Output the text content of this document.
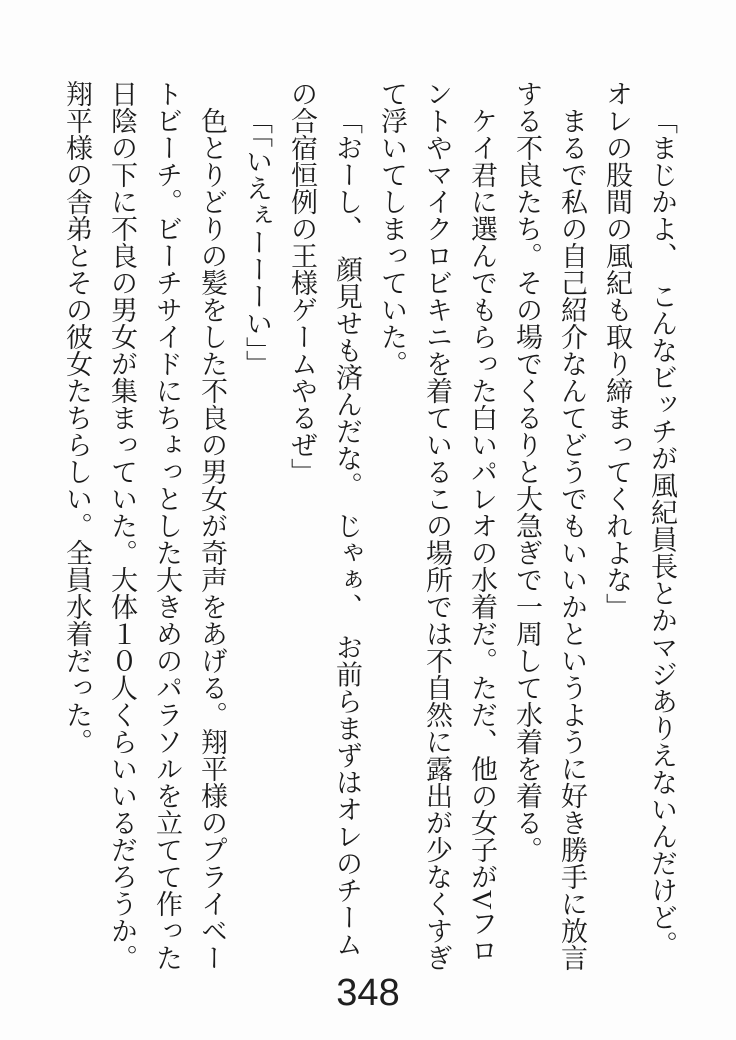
「まじかよ、　こんなビッチが風紀員長とかマジありえないんだけど。オレの股間の風紀も取り締まってくれよな」

まるで私の自己紹介なんてどうでもいいかというように好き勝手に放言する不良たち。その場でくるりと大急ぎで一周して水着を着る。

ケイ君に選んでもらった白いパレオの水着だ。ただ、他の女子がVフロントやマイクロビキニを着ているこの場所では不自然に露出が少なくすぎて浮いてしまっていた。

「おーし、　顔見せも済んだな。　じゃぁ、　お前らまずはオレのチームの合宿恒例の王様ゲームやるぜ」

「「いえぇーーーい」」

色とりどりの髪をした不良の男女が奇声をあげる。翔平様のプライベートビーチ。ビーチサイドにちょっとした大きめのパラソルを立てて作った日陰の下に不良の男女が集まっていた。大体１０人くらいいるだろうか。翔平様の舎弟とその彼女たちらしい。全員水着だった。

348
